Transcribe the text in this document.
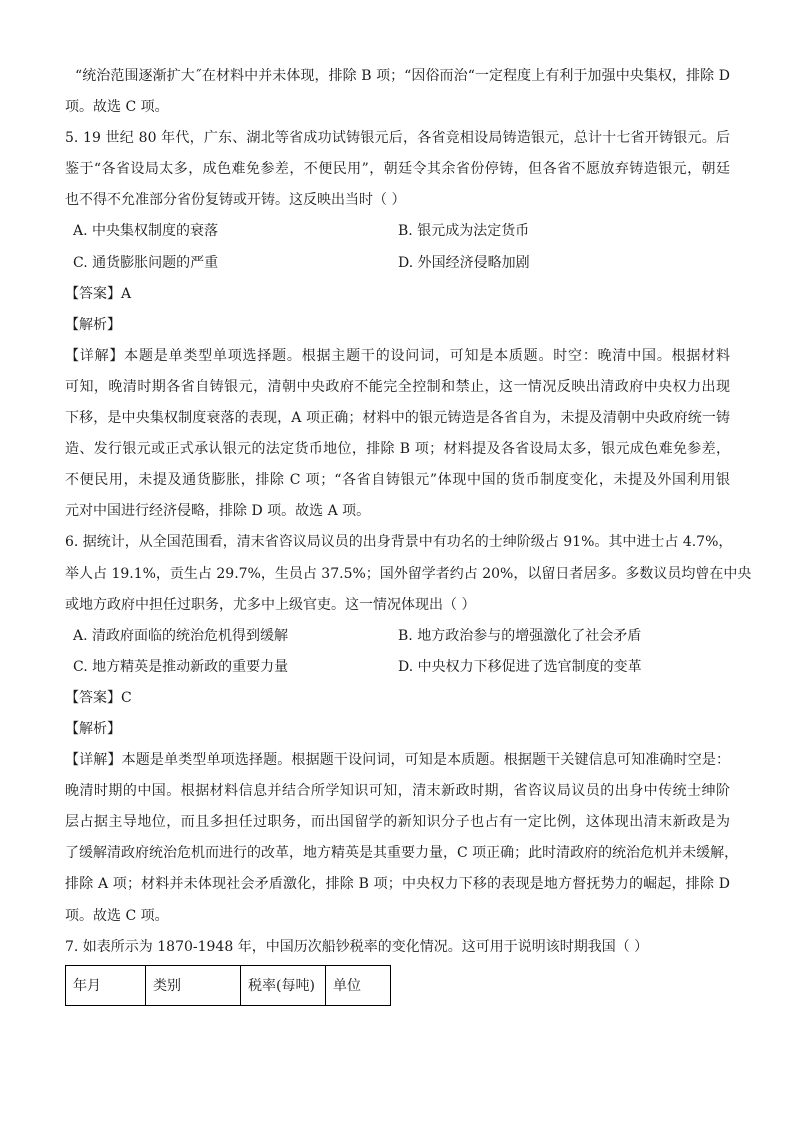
“统治范围逐渐扩大˝在材料中并未体现，排除 B 项；“因俗而治“一定程度上有利于加强中央集权，排除 D
项。故选 C 项。
5. 19 世纪 80 年代，广东、湖北等省成功试铸银元后，各省竞相设局铸造银元，总计十七省开铸银元。后
鉴于“各省设局太多，成色难免参差，不便民用”，朝廷令其余省份停铸，但各省不愿放弃铸造银元，朝廷
也不得不允准部分省份复铸或开铸。这反映出当时（ ）
A. 中央集权制度的衰落	B. 银元成为法定货币
C. 通货膨胀问题的严重	D. 外国经济侵略加剧
【答案】A
【解析】
【详解】本题是单类型单项选择题。根据主题干的设问词，可知是本质题。时空：晚清中国。根据材料
可知，晚清时期各省自铸银元，清朝中央政府不能完全控制和禁止，这一情况反映出清政府中央权力出现
下移，是中央集权制度衰落的表现，A 项正确；材料中的银元铸造是各省自为，未提及清朝中央政府统一铸
造、发行银元或正式承认银元的法定货币地位，排除 B 项；材料提及各省设局太多，银元成色难免参差，
不便民用，未提及通货膨胀，排除 C 项；“各省自铸银元”体现中国的货币制度变化，未提及外国利用银
元对中国进行经济侵略，排除 D 项。故选 A 项。
6. 据统计，从全国范围看，清末省咨议局议员的出身背景中有功名的士绅阶级占 91%。其中进士占 4.7%，
举人占 19.1%，贡生占 29.7%，生员占 37.5%；国外留学者约占 20%，以留日者居多。多数议员均曾在中央
或地方政府中担任过职务，尤多中上级官吏。这一情况体现出（ ）
A. 清政府面临的统治危机得到缓解	B. 地方政治参与的增强激化了社会矛盾
C. 地方精英是推动新政的重要力量	D. 中央权力下移促进了选官制度的变革
【答案】C
【解析】
【详解】本题是单类型单项选择题。根据题干设问词，可知是本质题。根据题干关键信息可知准确时空是：
晚清时期的中国。根据材料信息并结合所学知识可知，清末新政时期，省咨议局议员的出身中传统士绅阶
层占据主导地位，而且多担任过职务，而出国留学的新知识分子也占有一定比例，这体现出清末新政是为
了缓解清政府统治危机而进行的改革，地方精英是其重要力量，C 项正确；此时清政府的统治危机并未缓解，
排除 A 项；材料并未体现社会矛盾激化，排除 B 项；中央权力下移的表现是地方督抚势力的崛起，排除 D
项。故选 C 项。
7. 如表所示为 1870-1948 年，中国历次船钞税率的变化情况。这可用于说明该时期我国（ ）
年月	类别	税率(每吨)	单位
